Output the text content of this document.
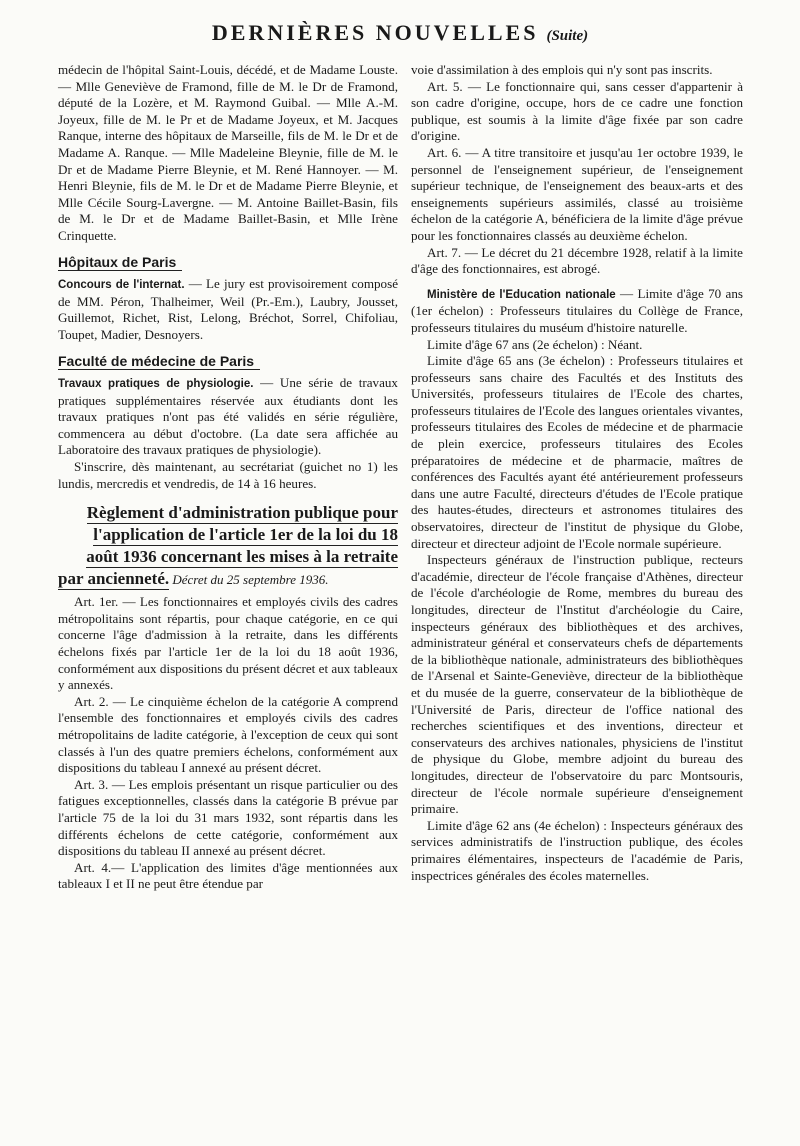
DERNIÈRES NOUVELLES (Suite)

médecin de l'hôpital Saint-Louis, décédé, et de Madame Louste. — Mlle Geneviève de Framond, fille de M. le Dr de Framond, député de la Lozère, et M. Raymond Guibal. — Mlle A.-M. Joyeux, fille de M. le Pr et de Madame Joyeux, et M. Jacques Ranque, interne des hôpitaux de Marseille, fils de M. le Dr et de Madame A. Ranque. — Mlle Madeleine Bleynie, fille de M. le Dr et de Madame Pierre Bleynie, et M. René Hannoyer. — M. Henri Bleynie, fils de M. le Dr et de Madame Pierre Bleynie, et Mlle Cécile Sourg-Lavergne. — M. Antoine Baillet-Basin, fils de M. le Dr et de Madame Baillet-Basin, et Mlle Irène Crinquette.

Hôpitaux de Paris

Concours de l'internat. — Le jury est provisoirement composé de MM. Péron, Thalheimer, Weil (Pr.-Em.), Laubry, Jousset, Guillemot, Richet, Rist, Lelong, Bréchot, Sorrel, Chifoliau, Toupet, Madier, Desnoyers.

Faculté de médecine de Paris

Travaux pratiques de physiologie. — Une série de travaux pratiques supplémentaires réservée aux étudiants dont les travaux pratiques n'ont pas été validés en série régulière, commencera au début d'octobre. (La date sera affichée au Laboratoire des travaux pratiques de physiologie).

S'inscrire, dès maintenant, au secrétariat (guichet no 1) les lundis, mercredis et vendredis, de 14 à 16 heures.

Règlement d'administration publique pour
l'application de l'article 1er de la loi du 18
août 1936 concernant les mises à la retraite

par ancienneté. Décret du 25 septembre 1936.

Art. 1er. — Les fonctionnaires et employés civils des cadres métropolitains sont répartis, pour chaque catégorie, en ce qui concerne l'âge d'admission à la retraite, dans les différents échelons fixés par l'article 1er de la loi du 18 août 1936, conformément aux dispositions du présent décret et aux tableaux y annexés.

Art. 2. — Le cinquième échelon de la catégorie A comprend l'ensemble des fonctionnaires et employés civils des cadres métropolitains de ladite catégorie, à l'exception de ceux qui sont classés à l'un des quatre premiers échelons, conformément aux dispositions du tableau I annexé au présent décret.

Art. 3. — Les emplois présentant un risque particulier ou des fatigues exceptionnelles, classés dans la catégorie B prévue par l'article 75 de la loi du 31 mars 1932, sont répartis dans les différents échelons de cette catégorie, conformément aux dispositions du tableau II annexé au présent décret.

Art. 4.— L'application des limites d'âge mentionnées aux tableaux I et II ne peut être étendue par

voie d'assimilation à des emplois qui n'y sont pas inscrits.

Art. 5. — Le fonctionnaire qui, sans cesser d'appartenir à son cadre d'origine, occupe, hors de ce cadre une fonction publique, est soumis à la limite d'âge fixée par son cadre d'origine.

Art. 6. — A titre transitoire et jusqu'au 1er octobre 1939, le personnel de l'enseignement supérieur, de l'enseignement supérieur technique, de l'enseignement des beaux-arts et des enseignements supérieurs assimilés, classé au troisième échelon de la catégorie A, bénéficiera de la limite d'âge prévue pour les fonctionnaires classés au deuxième échelon.

Art. 7. — Le décret du 21 décembre 1928, relatif à la limite d'âge des fonctionnaires, est abrogé.

Ministère de l'Education nationale — Limite d'âge 70 ans (1er échelon) : Professeurs titulaires du Collège de France, professeurs titulaires du muséum d'histoire naturelle.

Limite d'âge 67 ans (2e échelon) : Néant.

Limite d'âge 65 ans (3e échelon) : Professeurs titulaires et professeurs sans chaire des Facultés et des Instituts des Universités, professeurs titulaires de l'Ecole des chartes, professeurs titulaires de l'Ecole des langues orientales vivantes, professeurs titulaires des Ecoles de médecine et de pharmacie de plein exercice, professeurs titulaires des Ecoles préparatoires de médecine et de pharmacie, maîtres de conférences des Facultés ayant été antérieurement professeurs dans une autre Faculté, directeurs d'études de l'Ecole pratique des hautes-études, directeurs et astronomes titulaires des observatoires, directeur de l'institut de physique du Globe, directeur et directeur adjoint de l'Ecole normale supérieure.

Inspecteurs généraux de l'instruction publique, recteurs d'académie, directeur de l'école française d'Athènes, directeur de l'école d'archéologie de Rome, membres du bureau des longitudes, directeur de l'Institut d'archéologie du Caire, inspecteurs généraux des bibliothèques et des archives, administrateur général et conservateurs chefs de départements de la bibliothèque nationale, administrateurs des bibliothèques de l'Arsenal et Sainte-Geneviève, directeur de la bibliothèque et du musée de la guerre, conservateur de la bibliothèque de l'Université de Paris, directeur de l'office national des recherches scientifiques et des inventions, directeur et conservateurs des archives nationales, physiciens de l'institut de physique du Globe, membre adjoint du bureau des longitudes, directeur de l'observatoire du parc Montsouris, directeur de l'école normale supérieure d'enseignement primaire.

Limite d'âge 62 ans (4e échelon) : Inspecteurs généraux des services administratifs de l'instruction publique, des écoles primaires élémentaires, inspecteurs de l'académie de Paris, inspectrices générales des écoles maternelles.
